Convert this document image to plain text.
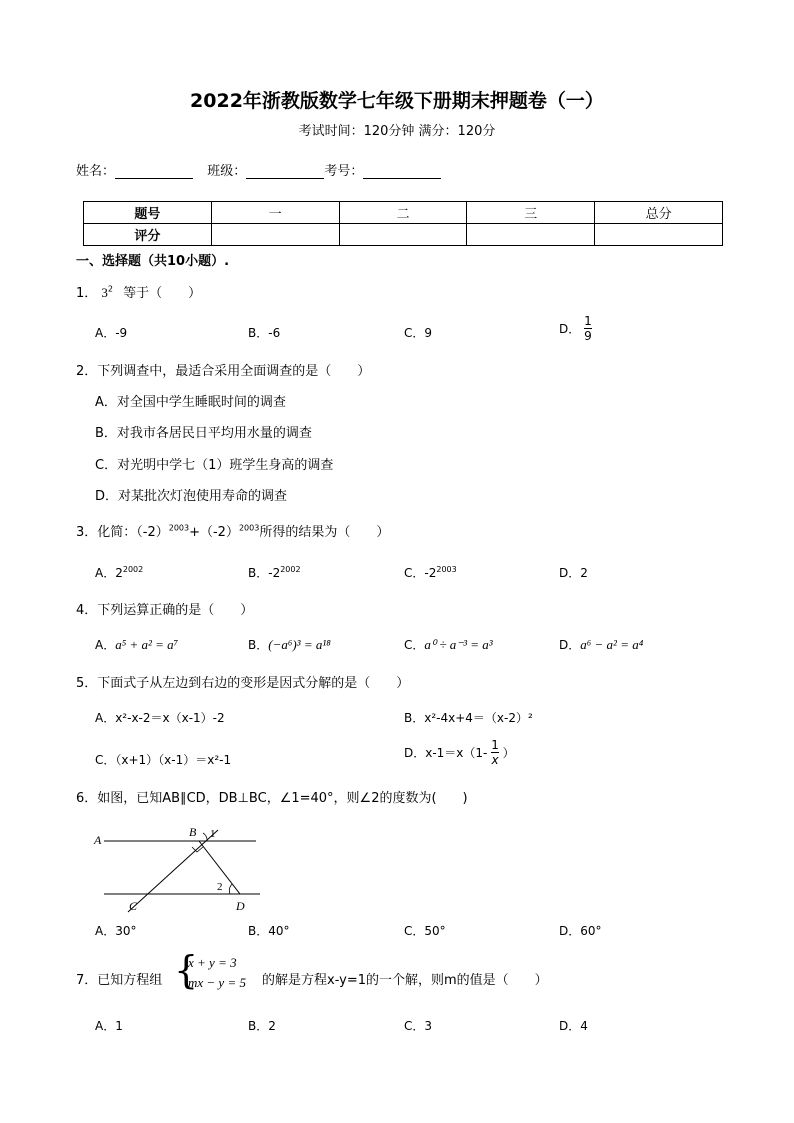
2022年浙教版数学七年级下册期末押题卷（一）
考试时间：120分钟 满分：120分
姓名：	班级：	考号：
题号	一	二	三	总分
评分				
一、选择题（共10小题）.
1． $3^2$ 等于（　　）
A．-9	B．-6	C．9	D． $\frac{1}{9}$
2．下列调查中，最适合采用全面调查的是（　　）
A．对全国中学生睡眠时间的调查
B．对我市各居民日平均用水量的调查
C．对光明中学七（1）班学生身高的调查
D．对某批次灯泡使用寿命的调查
3．化简：$(-2)^{2003}+(-2)^{2003}$所得的结果为（　　）
A．$2^{2002}$	B．$-2^{2002}$	C．$-2^{2003}$	D．2
4．下列运算正确的是（　　）
A．a⁵ + a² = a⁷	B．(−a⁶)³ = a¹⁸	C．a⁰ ÷ a⁻³ = a³	D．a⁶ − a² = a⁴
5．下面式子从左边到右边的变形是因式分解的是（　　）
A．x²-x-2＝x（x-1）-2	B．x²-4x+4＝（x-2）²
C．（x+1）（x-1）＝x²-1	D．$x-1=x(1- \frac{1}{x}$ ）
6．如图，已知AB∥CD，DB⊥BC，∠1=40°，则∠2的度数为(　　)
A
B 1
2
C	D
A．30°	B．40°	C．50°	D．60°
7．已知方程组 {
x + y = 3
mx − y = 5 的解是方程x-y=1的一个解，则m的值是（　　）
A．1	B．2	C．3	D．4
